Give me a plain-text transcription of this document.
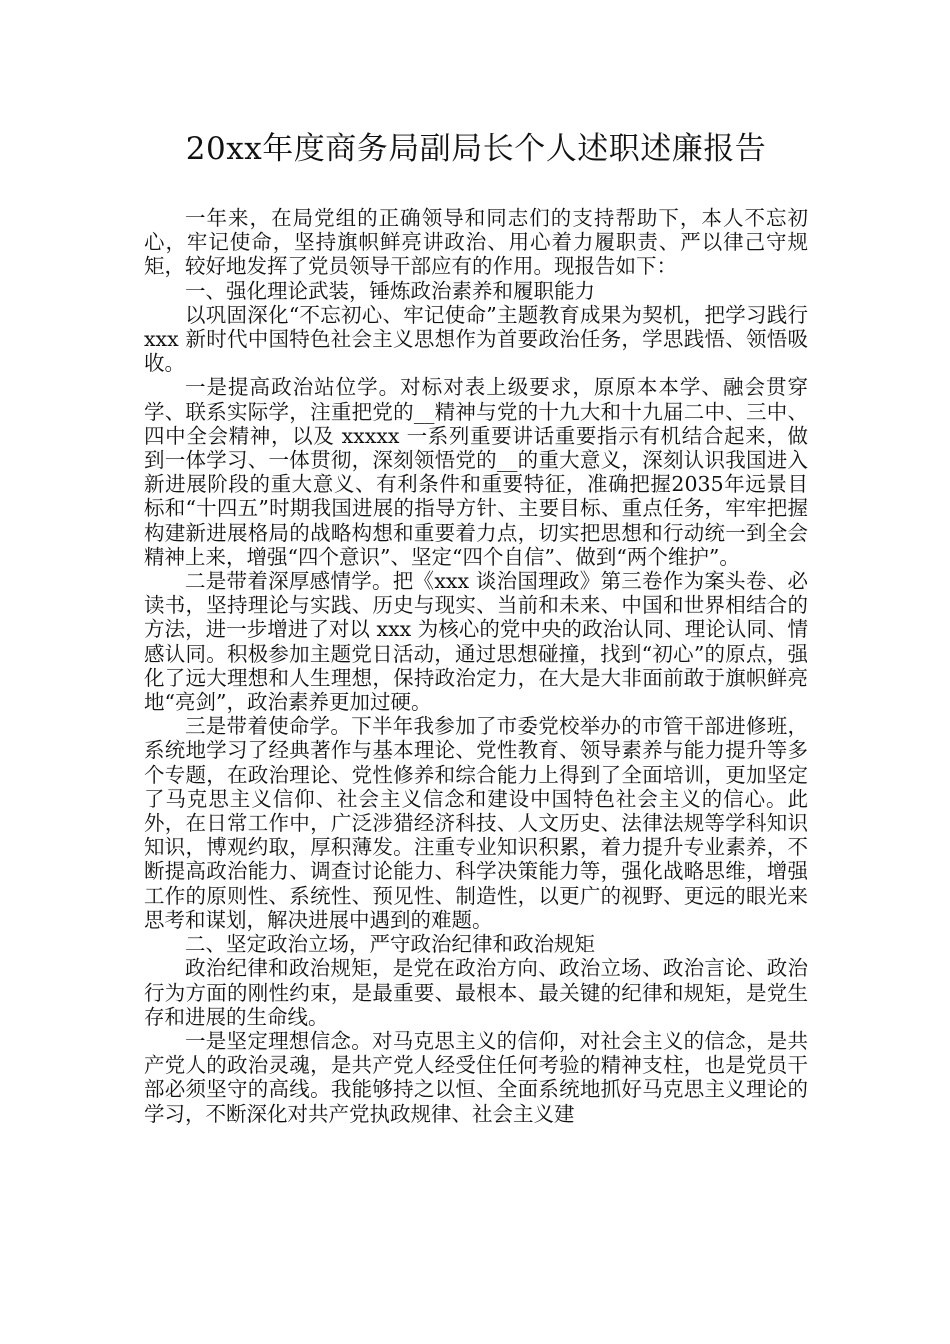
20xx年度商务局副局长个人述职述廉报告

一年来，在局党组的正确领导和同志们的支持帮助下，本人不忘初心，牢记使命，坚持旗帜鲜亮讲政治、用心着力履职责、严以律己守规矩，较好地发挥了党员领导干部应有的作用。现报告如下：

一、强化理论武装，锤炼政治素养和履职能力

以巩固深化“不忘初心、牢记使命”主题教育成果为契机，把学习践行 xxx 新时代中国特色社会主义思想作为首要政治任务，学思践悟、领悟吸收。

一是提高政治站位学。对标对表上级要求，原原本本学、融会贯穿学、联系实际学，注重把党的__精神与党的十九大和十九届二中、三中、四中全会精神，以及 xxxxx 一系列重要讲话重要指示有机结合起来，做到一体学习、一体贯彻，深刻领悟党的__的重大意义，深刻认识我国进入新进展阶段的重大意义、有利条件和重要特征，准确把握2035年远景目标和“十四五”时期我国进展的指导方针、主要目标、重点任务，牢牢把握构建新进展格局的战略构想和重要着力点，切实把思想和行动统一到全会精神上来，增强“四个意识”、坚定“四个自信”、做到“两个维护”。

二是带着深厚感情学。把《xxx 谈治国理政》第三卷作为案头卷、必读书，坚持理论与实践、历史与现实、当前和未来、中国和世界相结合的方法，进一步增进了对以 xxx 为核心的党中央的政治认同、理论认同、情感认同。积极参加主题党日活动，通过思想碰撞，找到“初心”的原点，强化了远大理想和人生理想，保持政治定力，在大是大非面前敢于旗帜鲜亮地“亮剑”，政治素养更加过硬。

三是带着使命学。下半年我参加了市委党校举办的市管干部进修班，系统地学习了经典著作与基本理论、党性教育、领导素养与能力提升等多个专题，在政治理论、党性修养和综合能力上得到了全面培训，更加坚定了马克思主义信仰、社会主义信念和建设中国特色社会主义的信心。此外，在日常工作中，广泛涉猎经济科技、人文历史、法律法规等学科知识知识，博观约取，厚积薄发。注重专业知识积累，着力提升专业素养，不断提高政治能力、调查讨论能力、科学决策能力等，强化战略思维，增强工作的原则性、系统性、预见性、制造性，以更广的视野、更远的眼光来思考和谋划，解决进展中遇到的难题。

二、坚定政治立场，严守政治纪律和政治规矩

政治纪律和政治规矩，是党在政治方向、政治立场、政治言论、政治行为方面的刚性约束，是最重要、最根本、最关键的纪律和规矩，是党生存和进展的生命线。

一是坚定理想信念。对马克思主义的信仰，对社会主义的信念，是共产党人的政治灵魂，是共产党人经受住任何考验的精神支柱，也是党员干部必须坚守的高线。我能够持之以恒、全面系统地抓好马克思主义理论的学习，不断深化对共产党执政规律、社会主义建
